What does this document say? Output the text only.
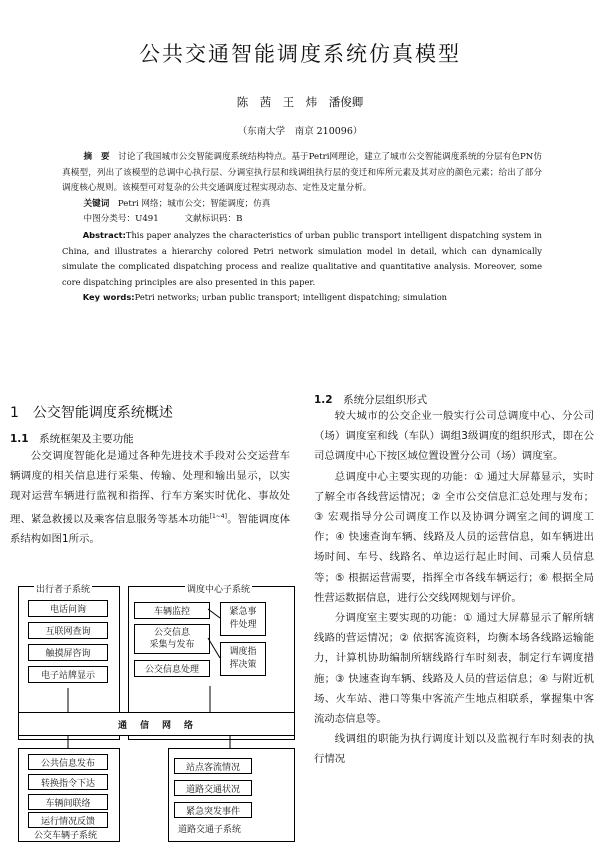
公共交通智能调度系统仿真模型
陈　茜　王　炜　潘俊卿
（东南大学　南京 210096）

摘　要　 讨论了我国城市公交智能调度系统结构特点。基于Petri网理论，建立了城市公交智能调度系统的分层有色PN仿真模型，列出了该模型的总调中心执行层、分调室执行层和线调组执行层的变迁和库所元素及其对应的颜色元素；给出了部分调度核心规则。该模型可对复杂的公共交通调度过程实现动态、定性及定量分析。

关键词　 Petri 网络；城市公交；智能调度；仿真

中图分类号：U491　　　	文献标识码：B

Abstract:This paper analyzes the characteristics of urban public transport intelligent dispatching system in China, and illustrates a hierarchy colored Petri network simulation model in detail, which can dynamically simulate the complicated dispatching process and realize qualitative and quantitative analysis. Moreover, some core dispatching principles are also presented in this paper.

Key words:Petri networks; urban public transport; intelligent dispatching; simulation

1　 公交智能调度系统概述
1.1　 系统框架及主要功能
公交调度智能化是通过各种先进技术手段对公交运营车辆调度的相关信息进行采集、传输、处理和输出显示，以实现对运营车辆进行监视和指挥、行车方案实时优化、事故处理、紧急救援以及乘客信息服务等基本功能[1~4]。智能调度体系结构如图1所示。
出行者子系统
电话问询
互联网查询
触摸屏咨询
电子站牌显示
调度中心子系统
车辆监控
公交信息
采集与发布
公交信息处理
紧急事
件处理
调度指
挥决策
通　信　网　络
公共信息发布
转换指令下达
车辆间联络
运行情况反馈
公交车辆子系统
站点客流情况
道路交通状况
紧急突发事件
道路交通子系统
1.2　 系统分层组织形式

较大城市的公交企业一般实行公司总调度中心、分公司（场）调度室和线（车队）调组3级调度的组织形式，即在公司总调度中心下按区域位置设置分公司（场）调度室。

总调度中心主要实现的功能：① 通过大屏幕显示，实时了解全市各线营运情况；② 全市公交信息汇总处理与发布；③ 宏观指导分公司调度工作以及协调分调室之间的调度工作；④ 快速查询车辆、线路及人员的运营信息，如车辆进出场时间、车号、线路名、单边运行起止时间、司乘人员信息等；⑤ 根据运营需要，指挥全市各线车辆运行；⑥ 根据全局性营运数据信息，进行公交线网规划与评价。

分调度室主要实现的功能：① 通过大屏幕显示了解所辖线路的营运情况；② 依据客流资料，均衡本场各线路运输能力，计算机协助编制所辖线路行车时刻表，制定行车调度措施；③ 快速查询车辆、线路及人员的营运信息；④ 与附近机场、火车站、港口等集中客流产生地点相联系，掌握集中客流动态信息等。

线调组的职能为执行调度计划以及监视行车时刻表的执行情况
